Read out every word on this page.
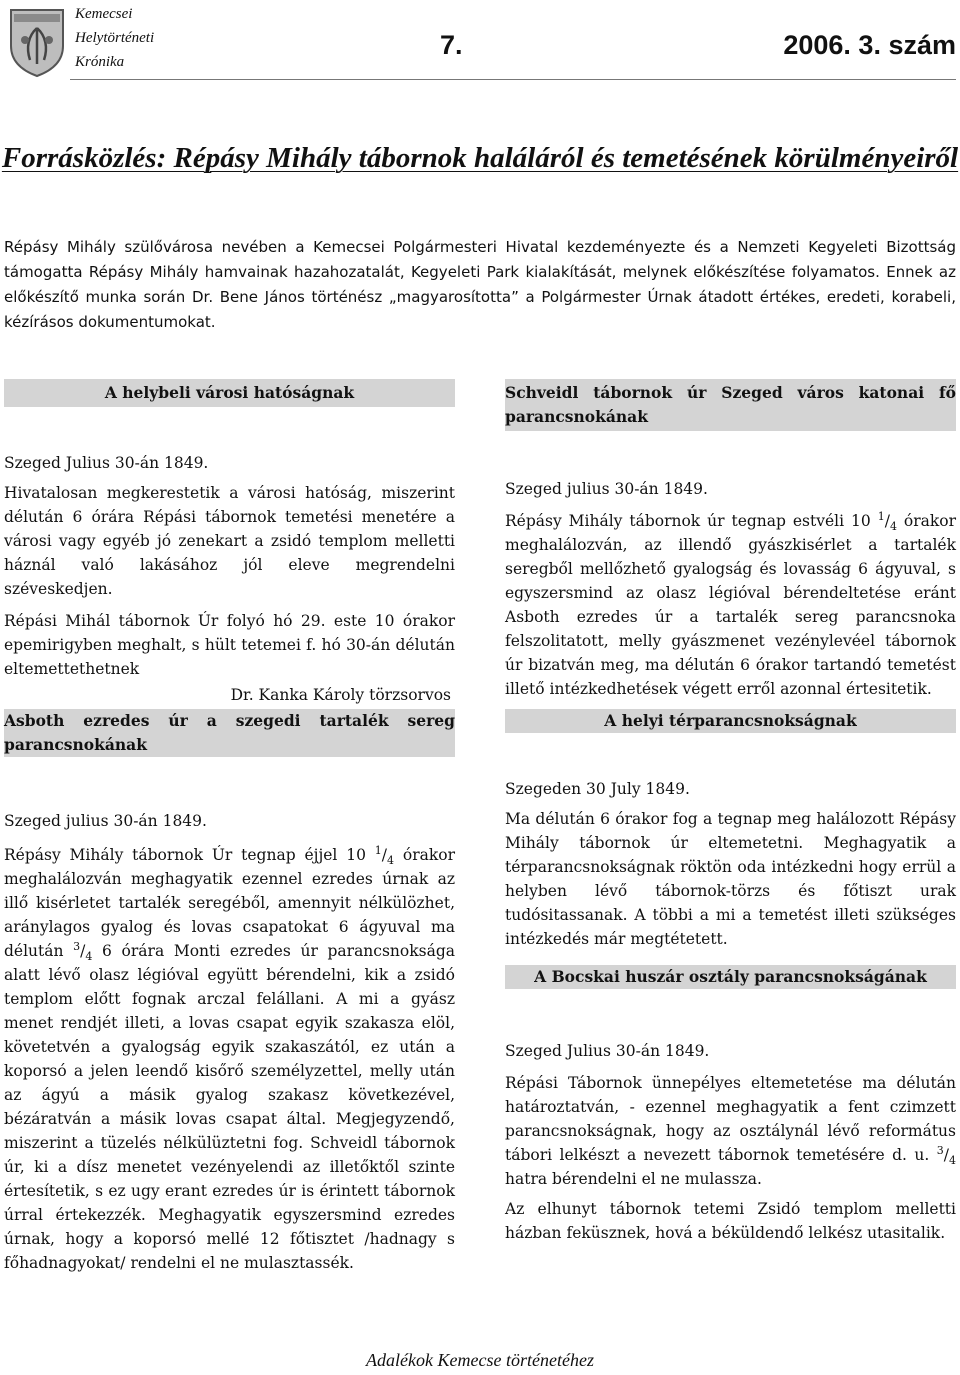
Kemecsei
Helytörténeti
Krónika
7.	2006. 3. szám
Forrásközlés: Répásy Mihály tábornok haláláról és temetésének körülményeiről
Répásy Mihály szülővárosa nevében a Kemecsei Polgármesteri Hivatal kezdeményezte és a Nemzeti Kegyeleti Bizottság támogatta Répásy Mihály hamvainak hazahozatalát, Kegyeleti Park kialakítását, melynek előkészítése folyamatos. Ennek az előkészítő munka során Dr. Bene János történész „magyarosította” a Polgármester Úrnak átadott értékes, eredeti, korabeli, kézírásos dokumentumokat.
A helybeli városi hatóságnak

Szeged Julius 30-án 1849.

Hivatalosan megkerestetik a városi hatóság, miszerint délután 6 órára Répási tábornok temetési menetére a városi vagy egyéb jó zenekart a zsidó templom melletti háznál való lakásához jól eleve megrendelni széveskedjen.

Répási Mihál tábornok Úr folyó hó 29. este 10 órakor epemirigyben meghalt, s hült tetemei f. hó 30-án délután eltemettethetnek

Dr. Kanka Károly törzsorvos

Asboth ezredes úr a szegedi tartalék sereg parancsnokának

Szeged julius 30-án 1849.

Répásy Mihály tábornok Úr tegnap éjjel 10 $^1/_4$ órakor meghalálozván meghagyatik ezennel ezredes úrnak az illő kisérletet tartalék seregéből, amennyit nélkülözhet, aránylagos gyalog és lovas csapatokat 6 ágyuval ma délután $^3/_4$ 6 órára Monti ezredes úr parancsnoksága alatt lévő olasz légióval együtt bérendelni, kik a zsidó templom előtt fognak arczal felállani. A mi a gyász menet rendjét illeti, a lovas csapat egyik szakasza elöl, követetvén a gyalogság egyik szakaszától, ez után a koporsó a jelen leendő kisőrő személyzettel, melly után az ágyú a másik gyalog szakasz következével, bézáratván a másik lovas csapat által. Megjegyzendő, miszerint a tüzelés nélkülüztetni fog. Schveidl tábornok úr, ki a dísz menetet vezényelendi az illetőktől szinte értesítetik, s ez ugy erant ezredes úr is érintett tábornok úrral értekezzék. Meghagyatik egyszersmind ezredes úrnak, hogy a koporsó mellé 12 főtisztet /hadnagy s főhadnagyokat/ rendelni el ne mulasztassék.

Schveidl tábornok úr Szeged város katonai fő parancsnokának

Szeged julius 30-án 1849.

Répásy Mihály tábornok úr tegnap estvéli 10 $^1/_4$ órakor meghalálozván, az illendő gyászkisérlet a tartalék seregből mellőzhető gyalogság és lovasság 6 ágyuval, s egyszersmind az olasz légióval bérendeltetése eránt Asboth ezredes úr a tartalék sereg parancsnoka felszolitatott, melly gyászmenet vezénylevéel tábornok úr bizatván meg, ma délután 6 órakor tartandó temetést illető intézkedhetések végett erről azonnal értesitetik.

A helyi térparancsnokságnak

Szegeden 30 July 1849.

Ma délután 6 órakor fog a tegnap meg halálozott Répásy Mihály tábornok úr eltemetetni. Meghagyatik a térparancsnokságnak röktön oda intézkedni hogy errül a helyben lévő tábornok-törzs és főtiszt urak tudósitassanak. A többi a mi a temetést illeti szükséges intézkedés már megtétetett.

A Bocskai huszár osztály parancsnokságának

Szeged Julius 30-án 1849.

Répási Tábornok ünnepélyes eltemetetése ma délután határoztatván, - ezennel meghagyatik a fent czimzett parancsnokságnak, hogy az osztálynál lévő református tábori lelkészt a nevezett tábornok temetésére d. u. $^3/_4$ hatra bérendelni el ne mulassza.

Az elhunyt tábornok tetemi Zsidó templom melletti házban feküsznek, hová a béküldendő lelkész utasitalik.

Adalékok Kemecse történetéhez
